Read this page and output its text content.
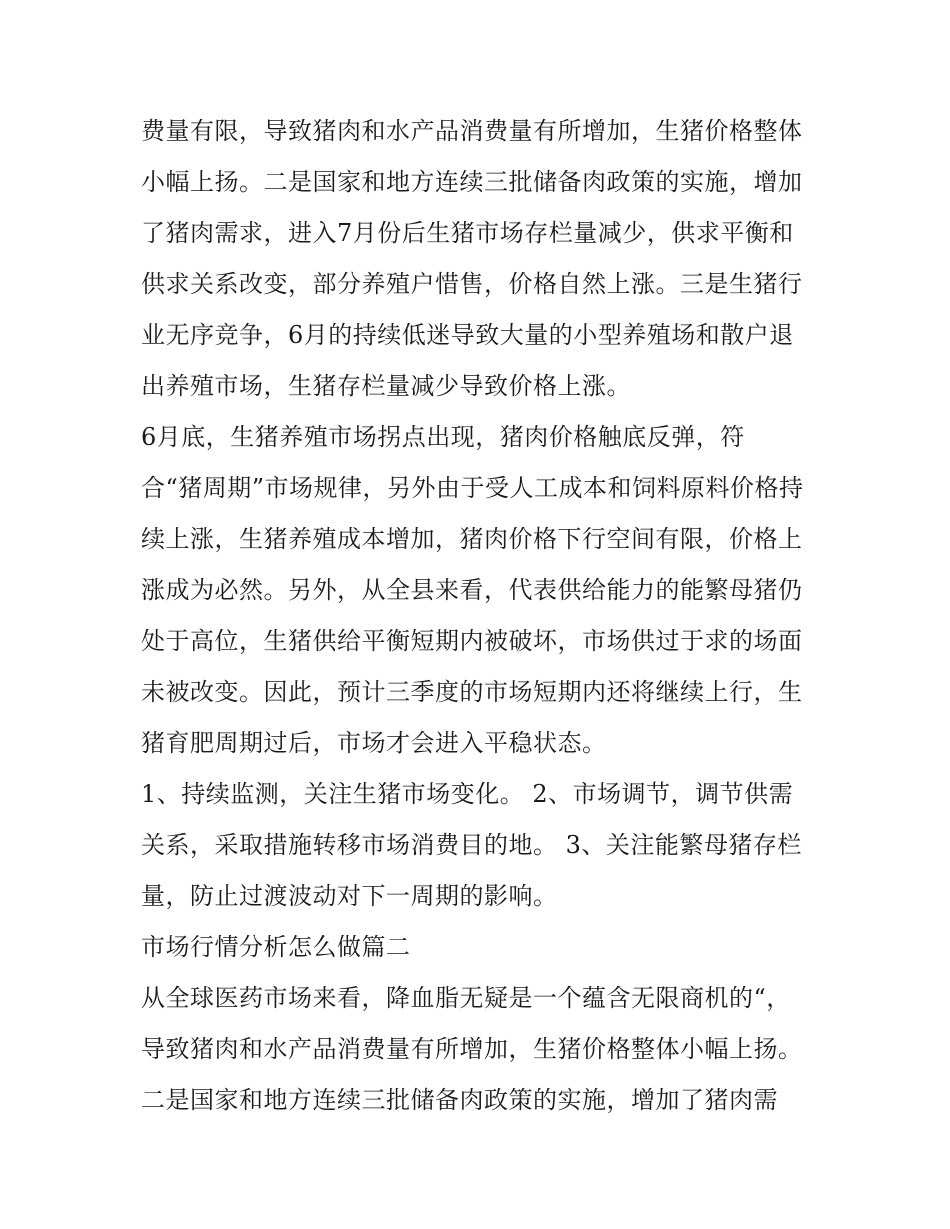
费量有限，导致猪肉和水产品消费量有所增加，生猪价格整体
小幅上扬。二是国家和地方连续三批储备肉政策的实施，增加
了猪肉需求，进入7月份后生猪市场存栏量减少，供求平衡和
供求关系改变，部分养殖户惜售，价格自然上涨。三是生猪行
业无序竞争，6月的持续低迷导致大量的小型养殖场和散户退
出养殖市场，生猪存栏量减少导致价格上涨。
6月底，生猪养殖市场拐点出现，猪肉价格触底反弹，符
合“猪周期”市场规律，另外由于受人工成本和饲料原料价格持
续上涨，生猪养殖成本增加，猪肉价格下行空间有限，价格上
涨成为必然。另外，从全县来看，代表供给能力的能繁母猪仍
处于高位，生猪供给平衡短期内被破坏，市场供过于求的场面
未被改变。因此，预计三季度的市场短期内还将继续上行，生
猪育肥周期过后，市场才会进入平稳状态。
1、持续监测，关注生猪市场变化。 2、市场调节，调节供需
关系，采取措施转移市场消费目的地。 3、关注能繁母猪存栏
量，防止过渡波动对下一周期的影响。
市场行情分析怎么做篇二
从全球医药市场来看，降血脂无疑是一个蕴含无限商机的“，
导致猪肉和水产品消费量有所增加，生猪价格整体小幅上扬。
二是国家和地方连续三批储备肉政策的实施，增加了猪肉需
